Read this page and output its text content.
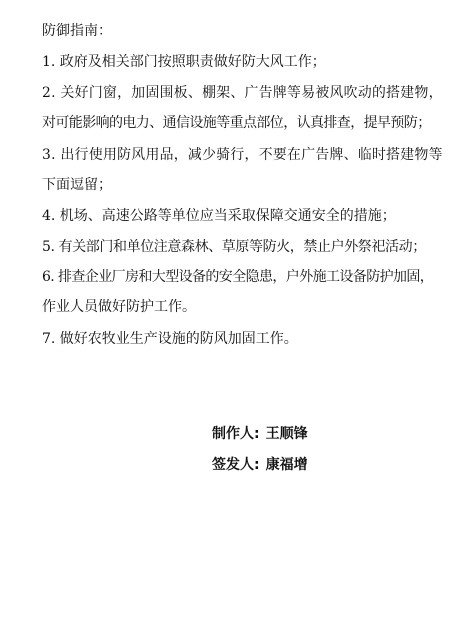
防御指南：
1. 政府及相关部门按照职责做好防大风工作；
2. 关好门窗，加固围板、棚架、广告牌等易被风吹动的搭建物，
对可能影响的电力、通信设施等重点部位，认真排查，提早预防；
3. 出行使用防风用品，减少骑行，不要在广告牌、临时搭建物等
下面逗留；
4. 机场、高速公路等单位应当采取保障交通安全的措施；
5. 有关部门和单位注意森林、草原等防火，禁止户外祭祀活动；
6. 排查企业厂房和大型设备的安全隐患，户外施工设备防护加固，
作业人员做好防护工作。
7. 做好农牧业生产设施的防风加固工作。
制作人: 王顺锋
签发人: 康福增
